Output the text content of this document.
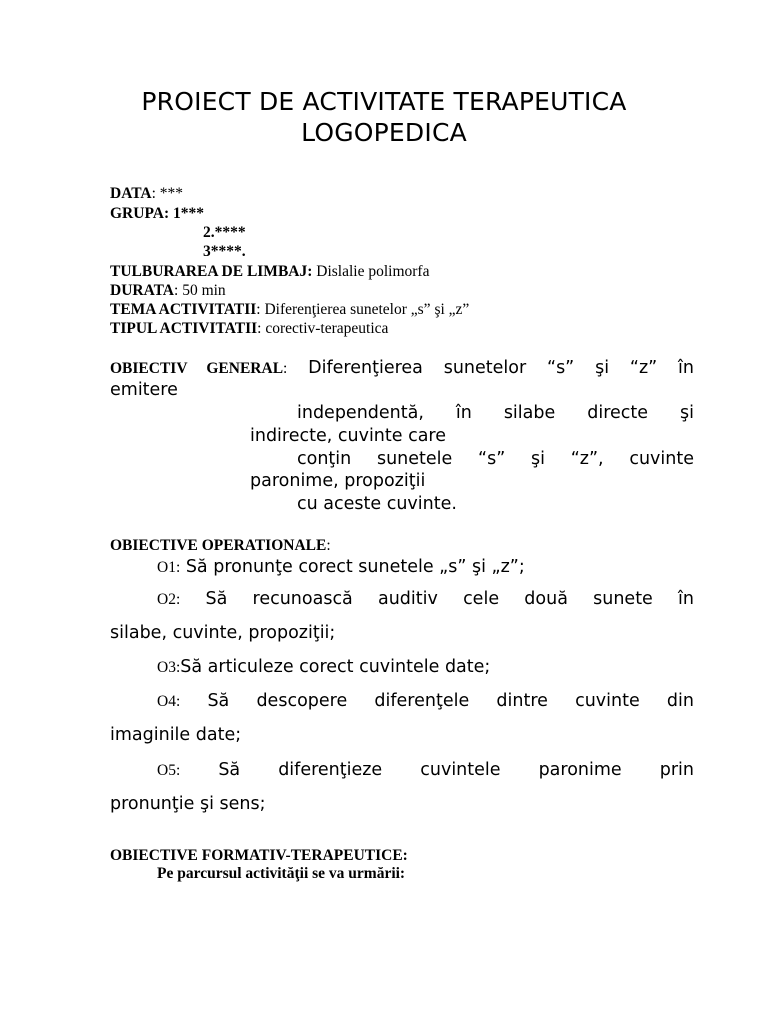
PROIECT DE ACTIVITATE TERAPEUTICA
LOGOPEDICA
DATA: ***
GRUPA: 1***
2.****
3****.
TULBURAREA DE LIMBAJ: Dislalie polimorfa
DURATA: 50 min
TEMA ACTIVITATII: Diferenţierea sunetelor „s” şi „z”
TIPUL ACTIVITATII: corectiv-terapeutica
OBIECTIV GENERAL: Diferenţierea sunetelor “s” şi “z” în
emitere
independentă, în silabe directe şi
indirecte, cuvinte care
conţin sunetele “s” şi “z”, cuvinte
paronime, propoziţii
cu aceste cuvinte.
OBIECTIVE OPERATIONALE:
O1: Să pronunţe corect sunetele „s” şi „z”;
O2: Să recunoască auditiv cele două sunete în
silabe, cuvinte, propoziţii;
O3:Să articuleze corect cuvintele date;
O4: Să descopere diferenţele dintre cuvinte din
imaginile date;
O5: Să diferenţieze cuvintele paronime prin
pronunţie şi sens;
OBIECTIVE FORMATIV-TERAPEUTICE:
Pe parcursul activităţii se va urmării:
